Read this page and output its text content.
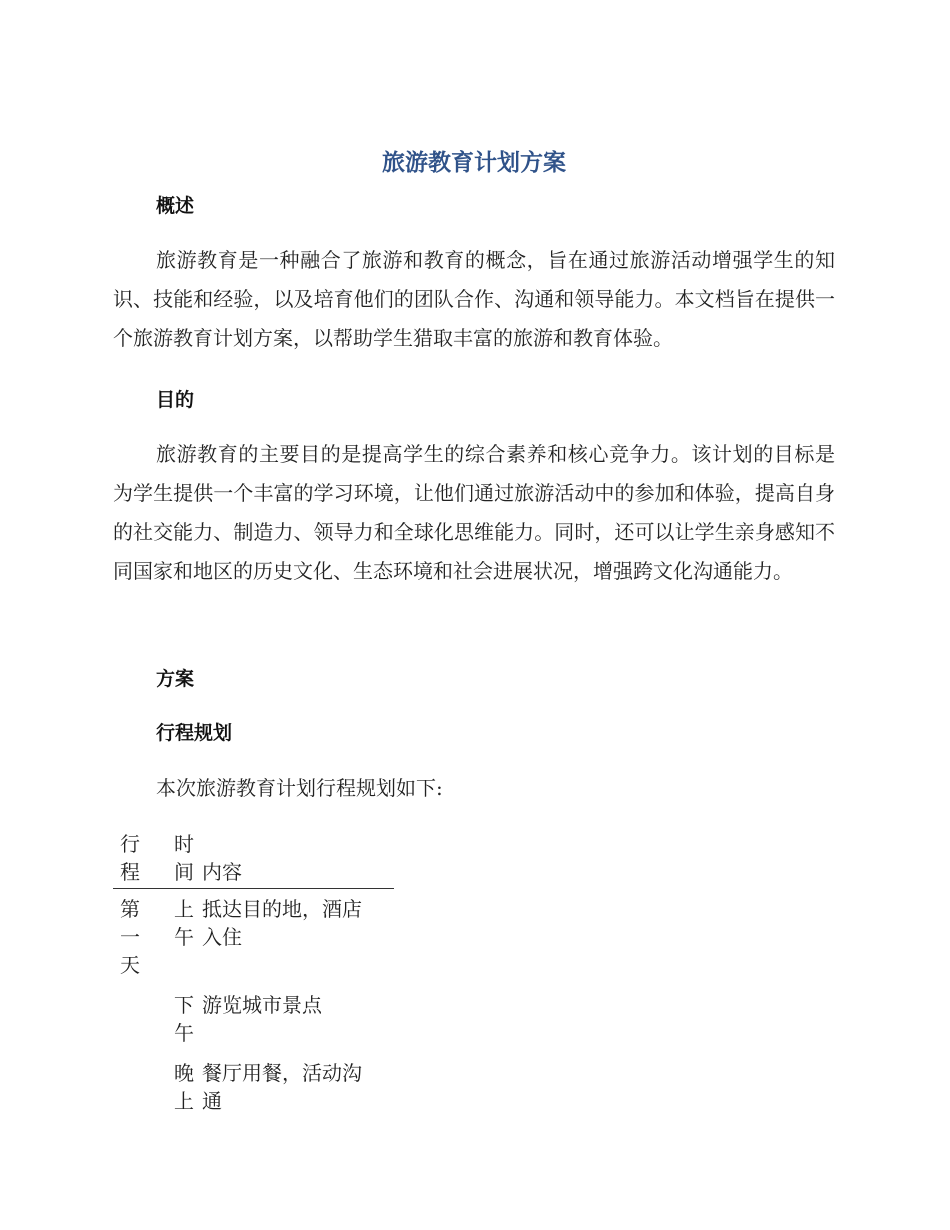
旅游教育计划方案
概述

旅游教育是一种融合了旅游和教育的概念，旨在通过旅游活动增强学生的知识、技能和经验，以及培育他们的团队合作、沟通和领导能力。本文档旨在提供一个旅游教育计划方案，以帮助学生猎取丰富的旅游和教育体验。

目的

旅游教育的主要目的是提高学生的综合素养和核心竞争力。该计划的目标是为学生提供一个丰富的学习环境，让他们通过旅游活动中的参加和体验，提高自身的社交能力、制造力、领导力和全球化思维能力。同时，还可以让学生亲身感知不同国家和地区的历史文化、生态环境和社会进展状况，增强跨文化沟通能力。

方案
行程规划

本次旅游教育计划行程规划如下:

行程	时间	内容
第一天	上午	抵达目的地，酒店入住
	下午	游览城市景点
	晚上	餐厅用餐，活动沟通
